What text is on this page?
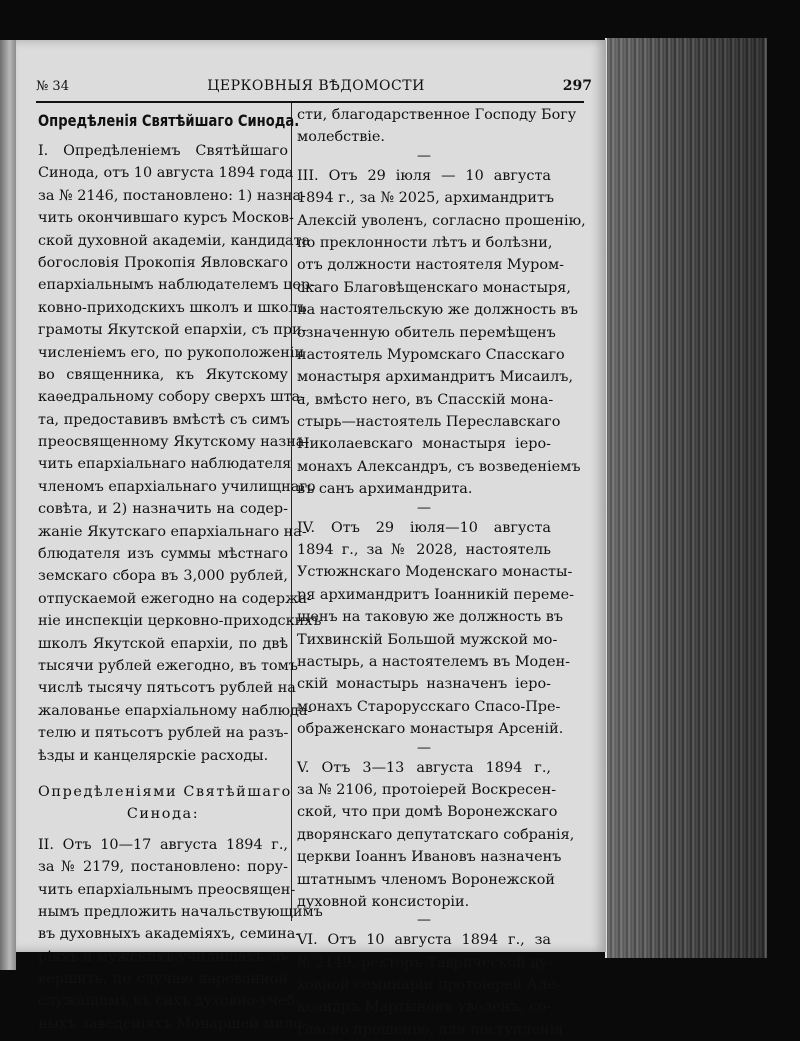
№ 34	ЦЕРКОВНЫЯ ВѢДОМОСТИ	297
Опредѣленія Святѣйшаго Синода.
I. Опредѣленіемъ Святѣйшаго
Синода, отъ 10 августа 1894 года
за № 2146, постановлено: 1) назна-
чить окончившаго курсъ Москов-
ской духовной академіи, кандидата
богословія Прокопія Явловскаго
епархіальнымъ наблюдателемъ цер-
ковно-приходскихъ школъ и школъ
грамоты Якутской епархіи, съ при-
численіемъ его, по рукоположеніи
во священника, къ Якутскому
каѳедральному собору сверхъ шта-
та, предоставивъ вмѣстѣ съ симъ
преосвященному Якутскому назна-
чить епархіальнаго наблюдателя
членомъ епархіальнаго училищнаго
совѣта, и 2) назначить на содер-
жаніе Якутскаго епархіальнаго на-
блюдателя изъ суммы мѣстнаго
земскаго сбора въ 3,000 рублей,
отпускаемой ежегодно на содержа-
ніе инспекціи церковно-приходскихъ
школъ Якутской епархіи, по двѣ
тысячи рублей ежегодно, въ томъ
числѣ тысячу пятьсотъ рублей на
жалованье епархіальному наблюда-
телю и пятьсотъ рублей на разъ-
ѣзды и канцелярскіе расходы.
Опредѣленіями Святѣйшаго
Синода:
II. Отъ 10—17 августа 1894 г.,
за № 2179, постановлено: пору-
чить епархіальнымъ преосвящен-
нымъ предложить начальствующимъ
въ духовныхъ академіяхъ, семина-
ріяхъ и мужскихъ училищахъ со-
вершить, по случаю дарованной
служащимъ въ сихъ духовно-учеб-
ныхъ заведеніяхъ Монаршей мило-
сти, благодарственное Господу Богу
молебствіе.
—
III. Отъ 29 іюля — 10 августа
1894 г., за № 2025, архимандритъ
Алексій уволенъ, согласно прошенію,
по преклонности лѣтъ и болѣзни,
отъ должности настоятеля Муром-
скаго Благовѣщенскаго монастыря,
на настоятельскую же должность въ
означенную обитель перемѣщенъ
настоятель Муромскаго Спасскаго
монастыря архимандритъ Мисаилъ,
а, вмѣсто него, въ Спасскій мона-
стырь—настоятель Переславскаго
Николаевскаго монастыря іеро-
монахъ Александръ, съ возведеніемъ
въ санъ архимандрита.
—
IV. Отъ 29 іюля—10 августа
1894 г., за № 2028, настоятель
Устюжнскаго Моденскаго монасты-
ря архимандритъ Іоанникій переме-
щенъ на таковую же должность въ
Тихвинскій Большой мужской мо-
настырь, а настоятелемъ въ Моден-
скій монастырь назначенъ іеро-
монахъ Старорусскаго Спасо-Пре-
ображенскаго монастыря Арсеній.
—
V. Отъ 3—13 августа 1894 г.,
за № 2106, протоіерей Воскресен-
ской, что при домѣ Воронежскаго
дворянскаго депутатскаго собранія,
церкви Іоаннъ Ивановъ назначенъ
штатнымъ членомъ Воронежской
духовной консисторіи.
—
VI. Отъ 10 августа 1894 г., за
№ 2149, ректоръ Таврической ду-
ховной семинаріи протоіерей Але-
ксандръ Мартыновъ уволенъ, со-
гласно прошенію, для поступленія
